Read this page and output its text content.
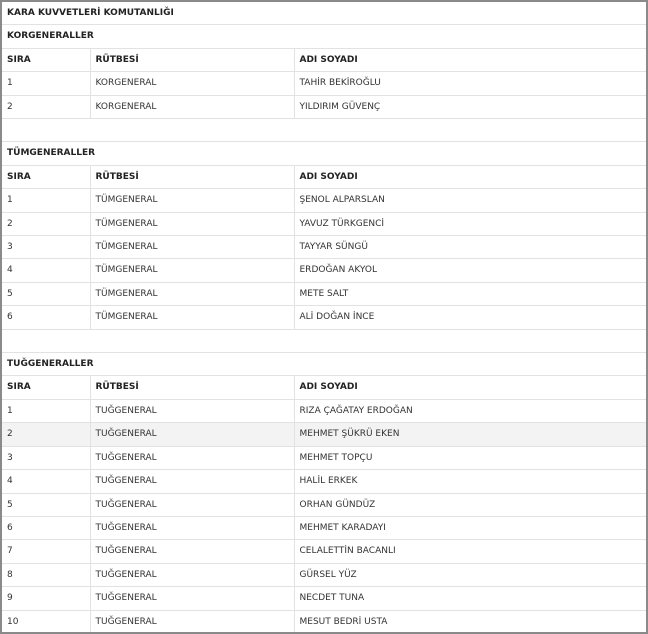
KARA KUVVETLERİ KOMUTANLIĞI		
KORGENERALLER		
SIRA	RÜTBESİ	ADI SOYADI
1	KORGENERAL	TAHİR BEKİROĞLU
2	KORGENERAL	YILDIRIM GÜVENÇ

TÜMGENERALLER		
SIRA	RÜTBESİ	ADI SOYADI
1	TÜMGENERAL	ŞENOL ALPARSLAN
2	TÜMGENERAL	YAVUZ TÜRKGENCİ
3	TÜMGENERAL	TAYYAR SÜNGÜ
4	TÜMGENERAL	ERDOĞAN AKYOL
5	TÜMGENERAL	METE SALT
6	TÜMGENERAL	ALİ DOĞAN İNCE

TUĞGENERALLER		
SIRA	RÜTBESİ	ADI SOYADI
1	TUĞGENERAL	RIZA ÇAĞATAY ERDOĞAN
2	TUĞGENERAL	MEHMET ŞÜKRÜ EKEN
3	TUĞGENERAL	MEHMET TOPÇU
4	TUĞGENERAL	HALİL ERKEK
5	TUĞGENERAL	ORHAN GÜNDÜZ
6	TUĞGENERAL	MEHMET KARADAYI
7	TUĞGENERAL	CELALETTİN BACANLI
8	TUĞGENERAL	GÜRSEL YÜZ
9	TUĞGENERAL	NECDET TUNA
10	TUĞGENERAL	MESUT BEDRİ USTA
